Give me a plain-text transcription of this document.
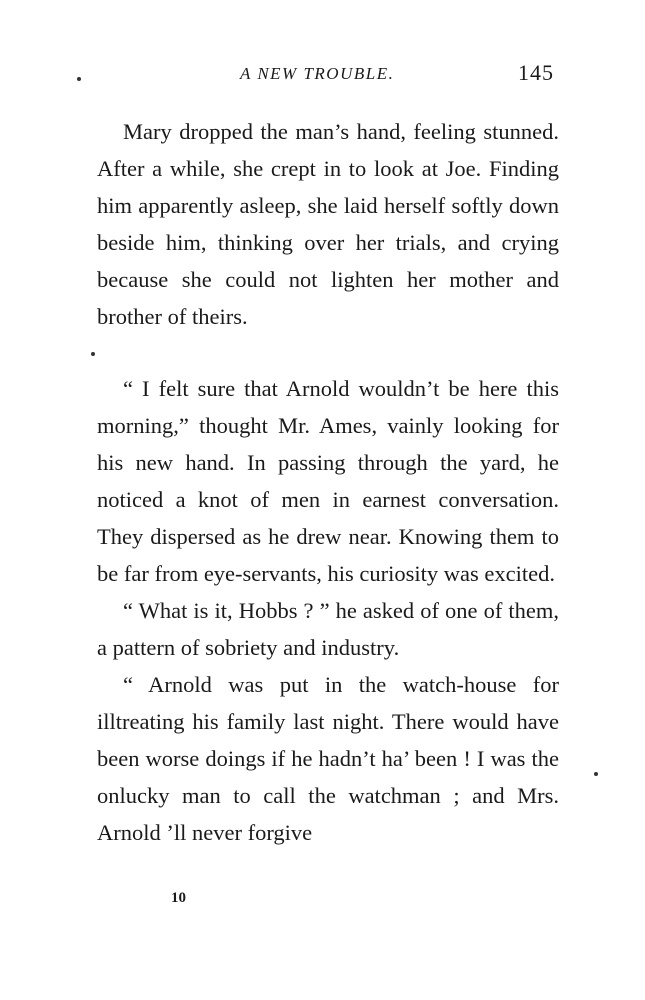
A NEW TROUBLE.	145

Mary dropped the man’s hand, feeling stunned. After a while, she crept in to look at Joe. Finding him apparently asleep, she laid herself softly down beside him, thinking over her trials, and crying because she could not lighten her mother and brother of theirs.

“ I felt sure that Arnold wouldn’t be here this morning,” thought Mr. Ames, vainly looking for his new hand. In passing through the yard, he noticed a knot of men in earnest conversation. They dispersed as he drew near. Knowing them to be far from eye-servants, his curiosity was excited.

“ What is it, Hobbs ? ” he asked of one of them, a pattern of sobriety and industry.

“ Arnold was put in the watch-house for illtreating his family last night. There would have been worse doings if he hadn’t ha’ been ! I was the onlucky man to call the watchman ; and Mrs. Arnold ’ll never forgive

10
